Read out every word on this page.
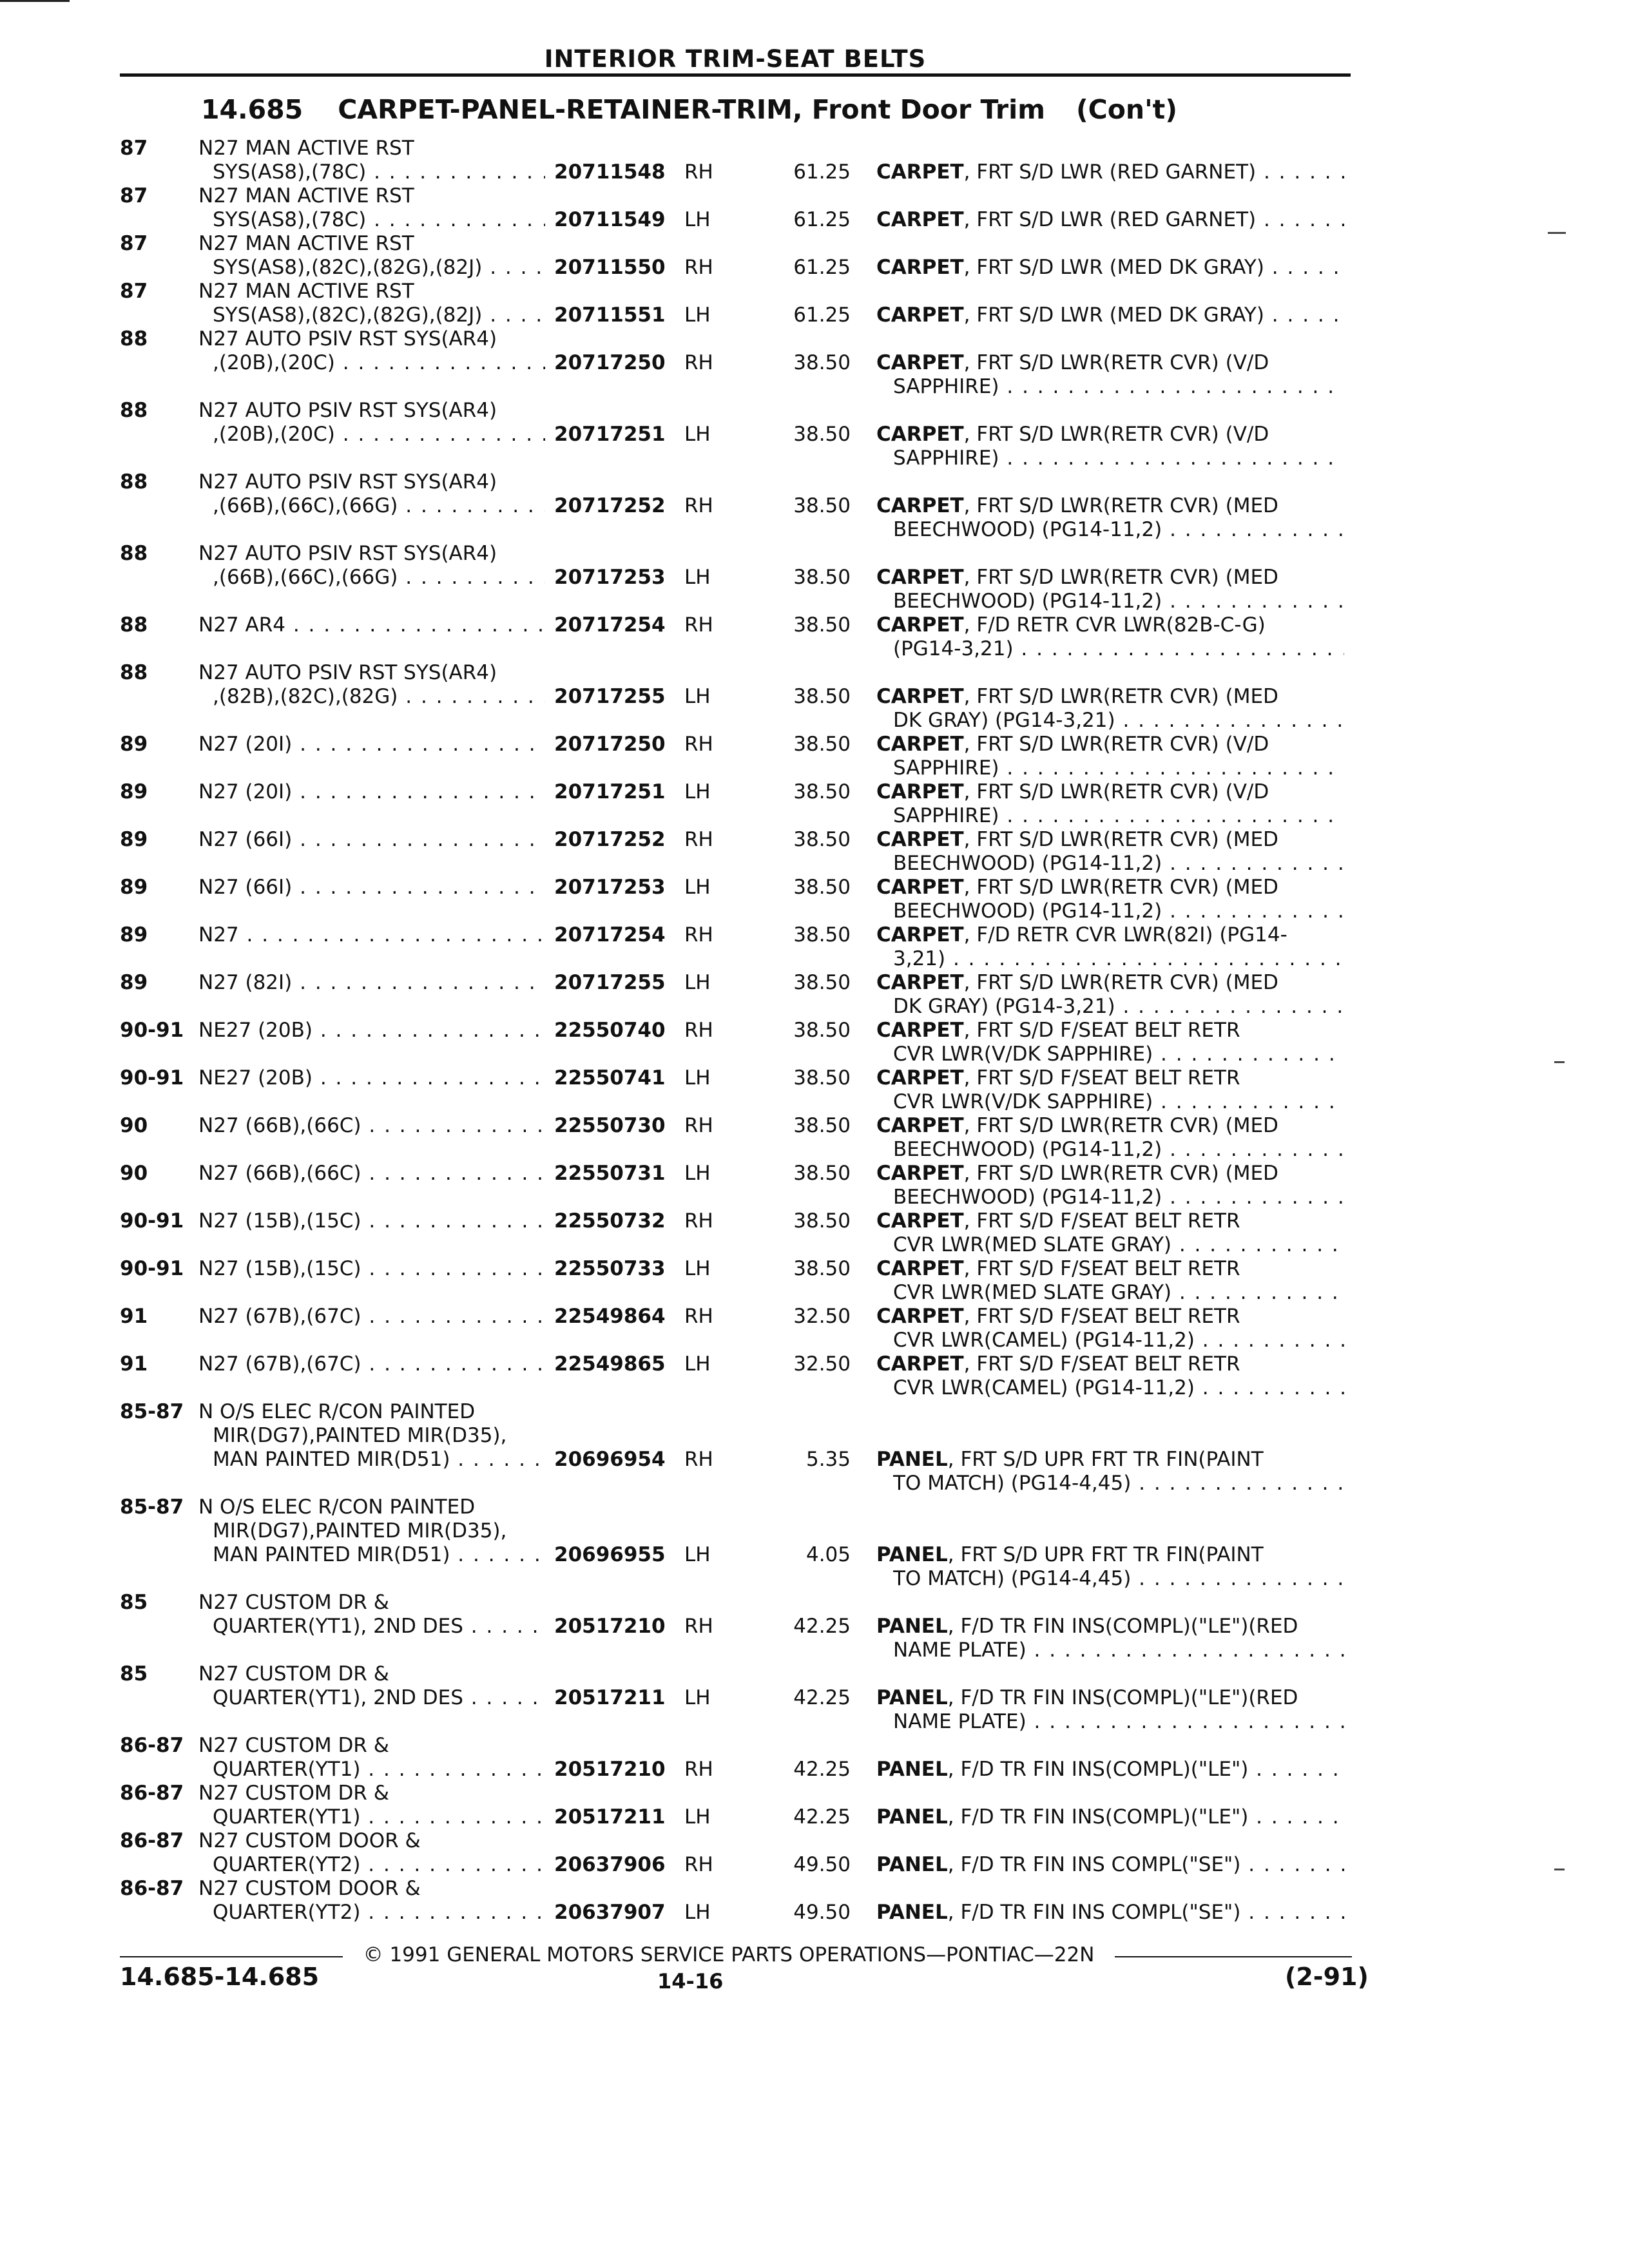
INTERIOR TRIM-SEAT BELTS
14.685 CARPET-PANEL-RETAINER-TRIM, Front Door Trim (Con't)
87	N27 MAN ACTIVE RST
SYS(AS8),(78C) . . .	20711548 RH	61.25 CARPET, FRT S/D LWR (RED GARNET) . . .
87	N27 MAN ACTIVE RST
SYS(AS8),(78C) . . .	20711549 LH	61.25 CARPET, FRT S/D LWR (RED GARNET) . . .
87	N27 MAN ACTIVE RST
SYS(AS8),(82C),(82G),(82J) . . .	20711550 RH	61.25 CARPET, FRT S/D LWR (MED DK GRAY) . . .
87	N27 MAN ACTIVE RST
SYS(AS8),(82C),(82G),(82J) . . .	20711551 LH	61.25 CARPET, FRT S/D LWR (MED DK GRAY) . . .
88	N27 AUTO PSIV RST SYS(AR4)
,(20B),(20C) . . .	20717250 RH	38.50 CARPET, FRT S/D LWR(RETR CVR) (V/D
SAPPHIRE) . . .
88	N27 AUTO PSIV RST SYS(AR4)
,(20B),(20C) . . .	20717251 LH	38.50 CARPET, FRT S/D LWR(RETR CVR) (V/D
SAPPHIRE) . . .
88	N27 AUTO PSIV RST SYS(AR4)
,(66B),(66C),(66G) . . .	20717252 RH	38.50 CARPET, FRT S/D LWR(RETR CVR) (MED
BEECHWOOD) (PG14-11,2) . . .
88	N27 AUTO PSIV RST SYS(AR4)
,(66B),(66C),(66G) . . .	20717253 LH	38.50 CARPET, FRT S/D LWR(RETR CVR) (MED
BEECHWOOD) (PG14-11,2) . . .
88	N27 AR4 . . .	20717254 RH	38.50 CARPET, F/D RETR CVR LWR(82B-C-G)
(PG14-3,21) . . .
88	N27 AUTO PSIV RST SYS(AR4)
,(82B),(82C),(82G) . . .	20717255 LH	38.50 CARPET, FRT S/D LWR(RETR CVR) (MED
DK GRAY) (PG14-3,21) . . .
89	N27 (20I) . . .	20717250 RH	38.50 CARPET, FRT S/D LWR(RETR CVR) (V/D
SAPPHIRE) . . .
89	N27 (20I) . . .	20717251 LH	38.50 CARPET, FRT S/D LWR(RETR CVR) (V/D
SAPPHIRE) . . .
89	N27 (66I) . . .	20717252 RH	38.50 CARPET, FRT S/D LWR(RETR CVR) (MED
BEECHWOOD) (PG14-11,2) . . .
89	N27 (66I) . . .	20717253 LH	38.50 CARPET, FRT S/D LWR(RETR CVR) (MED
BEECHWOOD) (PG14-11,2) . . .
89	N27 . . .	20717254 RH	38.50 CARPET, F/D RETR CVR LWR(82I) (PG14-
3,21) . . .
89	N27 (82I) . . .	20717255 LH	38.50 CARPET, FRT S/D LWR(RETR CVR) (MED
DK GRAY) (PG14-3,21) . . .
90-91 NE27 (20B) . . .	22550740 RH	38.50 CARPET, FRT S/D F/SEAT BELT RETR
CVR LWR(V/DK SAPPHIRE) . . .
90-91 NE27 (20B) . . .	22550741 LH	38.50 CARPET, FRT S/D F/SEAT BELT RETR
CVR LWR(V/DK SAPPHIRE) . . .
90	N27 (66B),(66C) . . .	22550730 RH	38.50 CARPET, FRT S/D LWR(RETR CVR) (MED
BEECHWOOD) (PG14-11,2) . . .
90	N27 (66B),(66C) . . .	22550731 LH	38.50 CARPET, FRT S/D LWR(RETR CVR) (MED
BEECHWOOD) (PG14-11,2) . . .
90-91 N27 (15B),(15C) . . .	22550732 RH	38.50 CARPET, FRT S/D F/SEAT BELT RETR
CVR LWR(MED SLATE GRAY) . . .
90-91 N27 (15B),(15C) . . .	22550733 LH	38.50 CARPET, FRT S/D F/SEAT BELT RETR
CVR LWR(MED SLATE GRAY) . . .
91	N27 (67B),(67C) . . .	22549864 RH	32.50 CARPET, FRT S/D F/SEAT BELT RETR
CVR LWR(CAMEL) (PG14-11,2) . . .
91	N27 (67B),(67C) . . .	22549865 LH	32.50 CARPET, FRT S/D F/SEAT BELT RETR
CVR LWR(CAMEL) (PG14-11,2) . . .
85-87 N O/S ELEC R/CON PAINTED
MIR(DG7),PAINTED MIR(D35),
MAN PAINTED MIR(D51) . . .	20696954 RH	5.35 PANEL, FRT S/D UPR FRT TR FIN(PAINT
TO MATCH) (PG14-4,45) . . .
85-87 N O/S ELEC R/CON PAINTED
MIR(DG7),PAINTED MIR(D35),
MAN PAINTED MIR(D51) . . .	20696955 LH	4.05 PANEL, FRT S/D UPR FRT TR FIN(PAINT
TO MATCH) (PG14-4,45) . . .
85	N27 CUSTOM DR &
QUARTER(YT1), 2ND DES . . .	20517210 RH	42.25 PANEL, F/D TR FIN INS(COMPL)("LE")(RED
NAME PLATE) . . .
85	N27 CUSTOM DR &
QUARTER(YT1), 2ND DES . . .	20517211 LH	42.25 PANEL, F/D TR FIN INS(COMPL)("LE")(RED
NAME PLATE) . . .
86-87 N27 CUSTOM DR &
QUARTER(YT1) . . .	20517210 RH	42.25 PANEL, F/D TR FIN INS(COMPL)("LE") . . .
86-87 N27 CUSTOM DR &
QUARTER(YT1) . . .	20517211 LH	42.25 PANEL, F/D TR FIN INS(COMPL)("LE") . . .
86-87 N27 CUSTOM DOOR &
QUARTER(YT2) . . .	20637906 RH	49.50 PANEL, F/D TR FIN INS COMPL("SE") . . .
86-87 N27 CUSTOM DOOR &
QUARTER(YT2) . . .	20637907 LH	49.50 PANEL, F/D TR FIN INS COMPL("SE") . . .
© 1991 GENERAL MOTORS SERVICE PARTS OPERATIONS—PONTIAC—22N
14.685-14.685	14-16	(2-91)
